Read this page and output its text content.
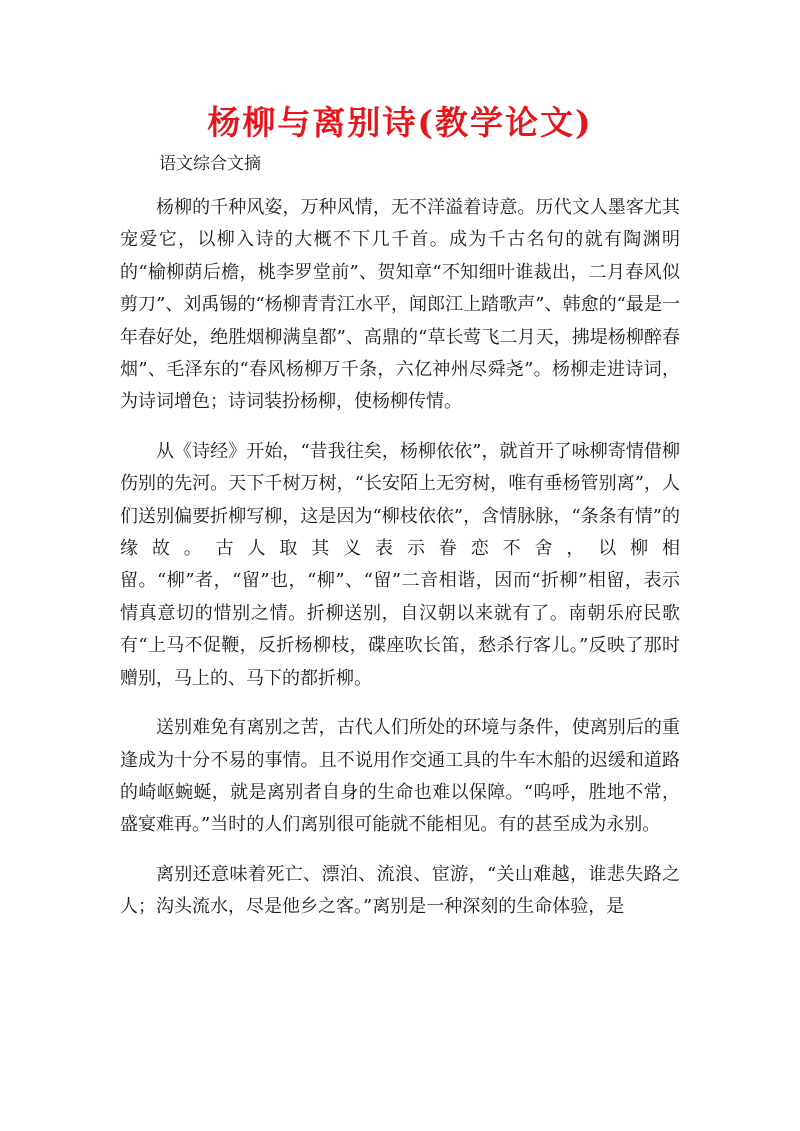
杨柳与离别诗(教学论文)
语文综合文摘

杨柳的千种风姿，万种风情，无不洋溢着诗意。历代文人墨客尤其宠爱它，以柳入诗的大概不下几千首。成为千古名句的就有陶渊明的“榆柳荫后檐，桃李罗堂前”、贺知章“不知细叶谁裁出，二月春风似剪刀”、刘禹锡的“杨柳青青江水平，闻郎江上踏歌声”、韩愈的“最是一年春好处，绝胜烟柳满皇都”、高鼎的“草长莺飞二月天，拂堤杨柳醉春烟”、毛泽东的“春风杨柳万千条，六亿神州尽舜尧”。杨柳走进诗词，为诗词增色；诗词装扮杨柳，使杨柳传情。

从《诗经》开始，“昔我往矣，杨柳依依”，就首开了咏柳寄情借柳伤别的先河。天下千树万树，“长安陌上无穷树，唯有垂杨管别离”，人们送别偏要折柳写柳，这是因为“柳枝依依”，含情脉脉，“条条有情”的缘故。古人取其义表示眷恋不舍，以柳相留。“柳”者，“留”也，“柳”、“留”二音相谐，因而“折柳”相留，表示情真意切的惜别之情。折柳送别，自汉朝以来就有了。南朝乐府民歌有“上马不促鞭，反折杨柳枝，碟座吹长笛，愁杀行客儿。”反映了那时赠别，马上的、马下的都折柳。

送别难免有离别之苦，古代人们所处的环境与条件，使离别后的重逢成为十分不易的事情。且不说用作交通工具的牛车木船的迟缓和道路的崎岖蜿蜒，就是离别者自身的生命也难以保障。“呜呼，胜地不常，盛宴难再。”当时的人们离别很可能就不能相见。有的甚至成为永别。

离别还意味着死亡、漂泊、流浪、宦游，“关山难越，谁悲失路之人；沟头流水，尽是他乡之客。”离别是一种深刻的生命体验，是
